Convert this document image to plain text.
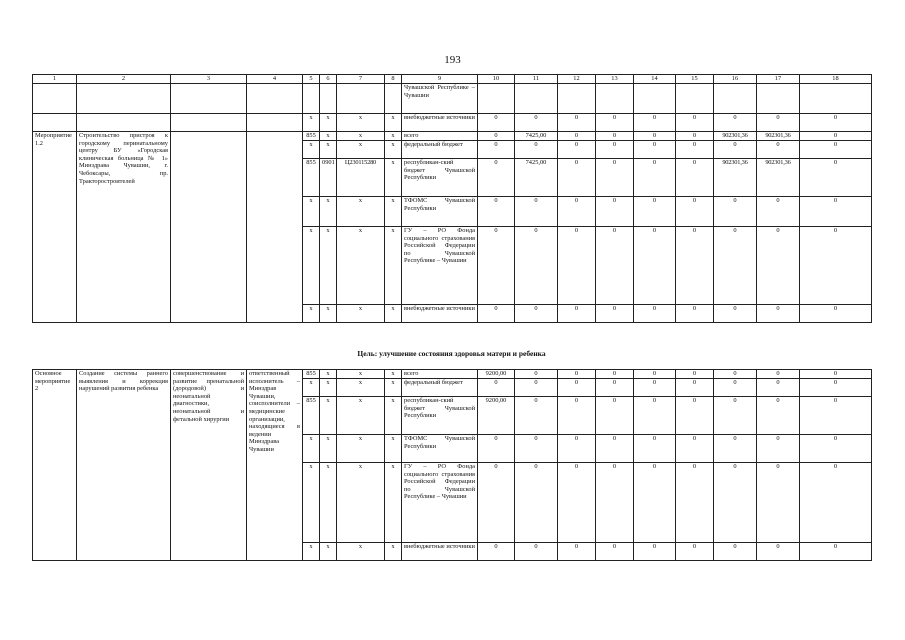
193
1	2	3	4	5	6	7	8	9	10	11	12	13	14	15	16	17	18
								Чувашской Республике – Чувашии									
				х	х	х	х	внебюджетные источники	0	0	0	0	0	0	0	0	0
Мероприятие 1.2	Строительство пристроя к городскому перинатальному центру БУ «Городская клиническая больница № 1» Минздрава Чувашии, г. Чебоксары, пр. Тракторостроителей			855	х	х	х	всего	0	7425,00	0	0	0	0	902301,36	902301,36	0
				х	х	х	х	федеральный бюджет	0	0	0	0	0	0	0	0	0
				855	0901	Ц230115280	х	республикан-ский бюджет Чувашской Республики	0	7425,00	0	0	0	0	902301,36	902301,36	0
				х	х	х	х	ТФОМС Чувашской Республики	0	0	0	0	0	0	0	0	0
				х	х	х	х	ГУ – РО Фонда социального страхования Российской Федерации по Чувашской Республике – Чувашии	0	0	0	0	0	0	0	0	0
				х	х	х	х	внебюджетные источники	0	0	0	0	0	0	0	0	0
Цель: улучшение состояния здоровья матери и ребенка
Основное мероприятие 2	Создание системы раннего выявления и коррекция нарушений развития ребенка	совершенствование и развитие пренатальной (дородовой) и неонатальной диагностики, неонатальной и фетальной хирургии	ответственный исполнитель – Минздрав Чувашии, соисполнители – медицинские организации, находящиеся в ведении Минздрава Чувашии	855	х	х	х	всего	9200,00	0	0	0	0	0	0	0	0
				х	х	х	х	федеральный бюджет	0	0	0	0	0	0	0	0	0
				855	х	х	х	республикан-ский бюджет Чувашской Республики	9200,00	0	0	0	0	0	0	0	0
				х	х	х	х	ТФОМС Чувашской Республики	0	0	0	0	0	0	0	0	0
				х	х	х	х	ГУ – РО Фонда социального страхования Российской Федерации по Чувашской Республике – Чувашии	0	0	0	0	0	0	0	0	0
				х	х	х	х	внебюджетные источники	0	0	0	0	0	0	0	0	0
